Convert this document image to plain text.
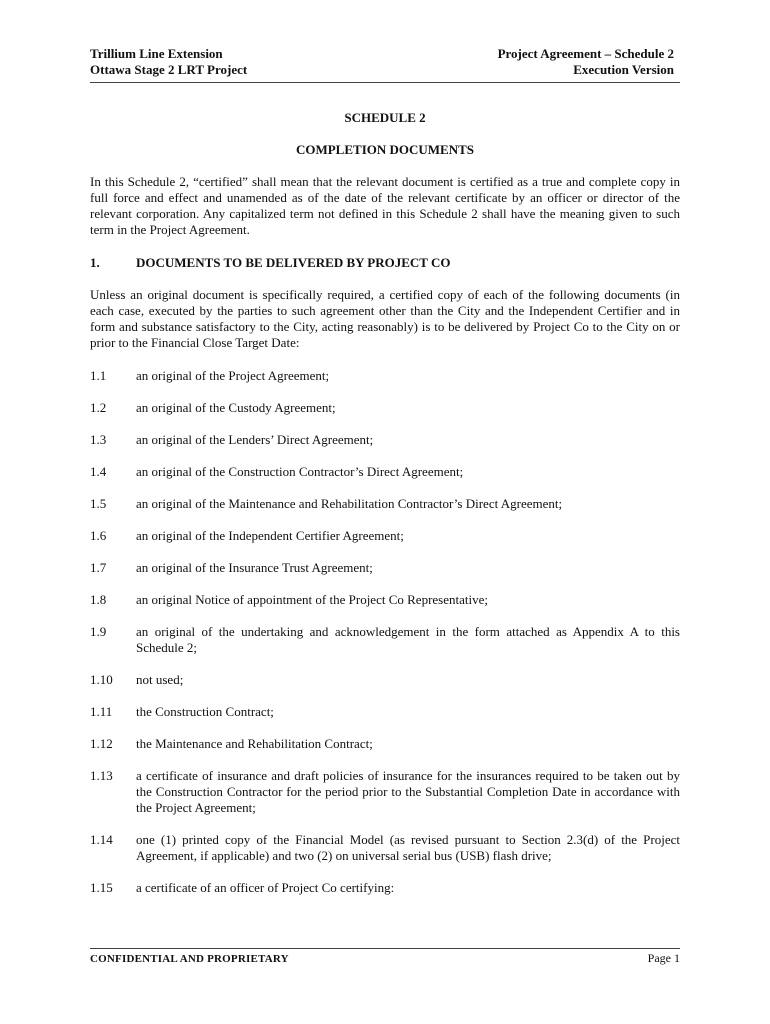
Trillium Line Extension
Ottawa Stage 2 LRT Project
Project Agreement – Schedule 2
Execution Version
SCHEDULE 2
COMPLETION DOCUMENTS
In this Schedule 2, “certified” shall mean that the relevant document is certified as a true and complete copy in full force and effect and unamended as of the date of the relevant certificate by an officer or director of the relevant corporation. Any capitalized term not defined in this Schedule 2 shall have the meaning given to such term in the Project Agreement.
1.	DOCUMENTS TO BE DELIVERED BY PROJECT CO
Unless an original document is specifically required, a certified copy of each of the following documents (in each case, executed by the parties to such agreement other than the City and the Independent Certifier and in form and substance satisfactory to the City, acting reasonably) is to be delivered by Project Co to the City on or prior to the Financial Close Target Date:
1.1 an original of the Project Agreement;
1.2 an original of the Custody Agreement;
1.3 an original of the Lenders’ Direct Agreement;
1.4 an original of the Construction Contractor’s Direct Agreement;
1.5 an original of the Maintenance and Rehabilitation Contractor’s Direct Agreement;
1.6 an original of the Independent Certifier Agreement;
1.7 an original of the Insurance Trust Agreement;
1.8 an original Notice of appointment of the Project Co Representative;
1.9 an original of the undertaking and acknowledgement in the form attached as Appendix A to this Schedule 2;
1.10 not used;
1.11 the Construction Contract;
1.12 the Maintenance and Rehabilitation Contract;
1.13 a certificate of insurance and draft policies of insurance for the insurances required to be taken out by the Construction Contractor for the period prior to the Substantial Completion Date in accordance with the Project Agreement;
1.14 one (1) printed copy of the Financial Model (as revised pursuant to Section 2.3(d) of the Project Agreement, if applicable) and two (2) on universal serial bus (USB) flash drive;
1.15 a certificate of an officer of Project Co certifying:
CONFIDENTIAL AND PROPRIETARY	Page 1
